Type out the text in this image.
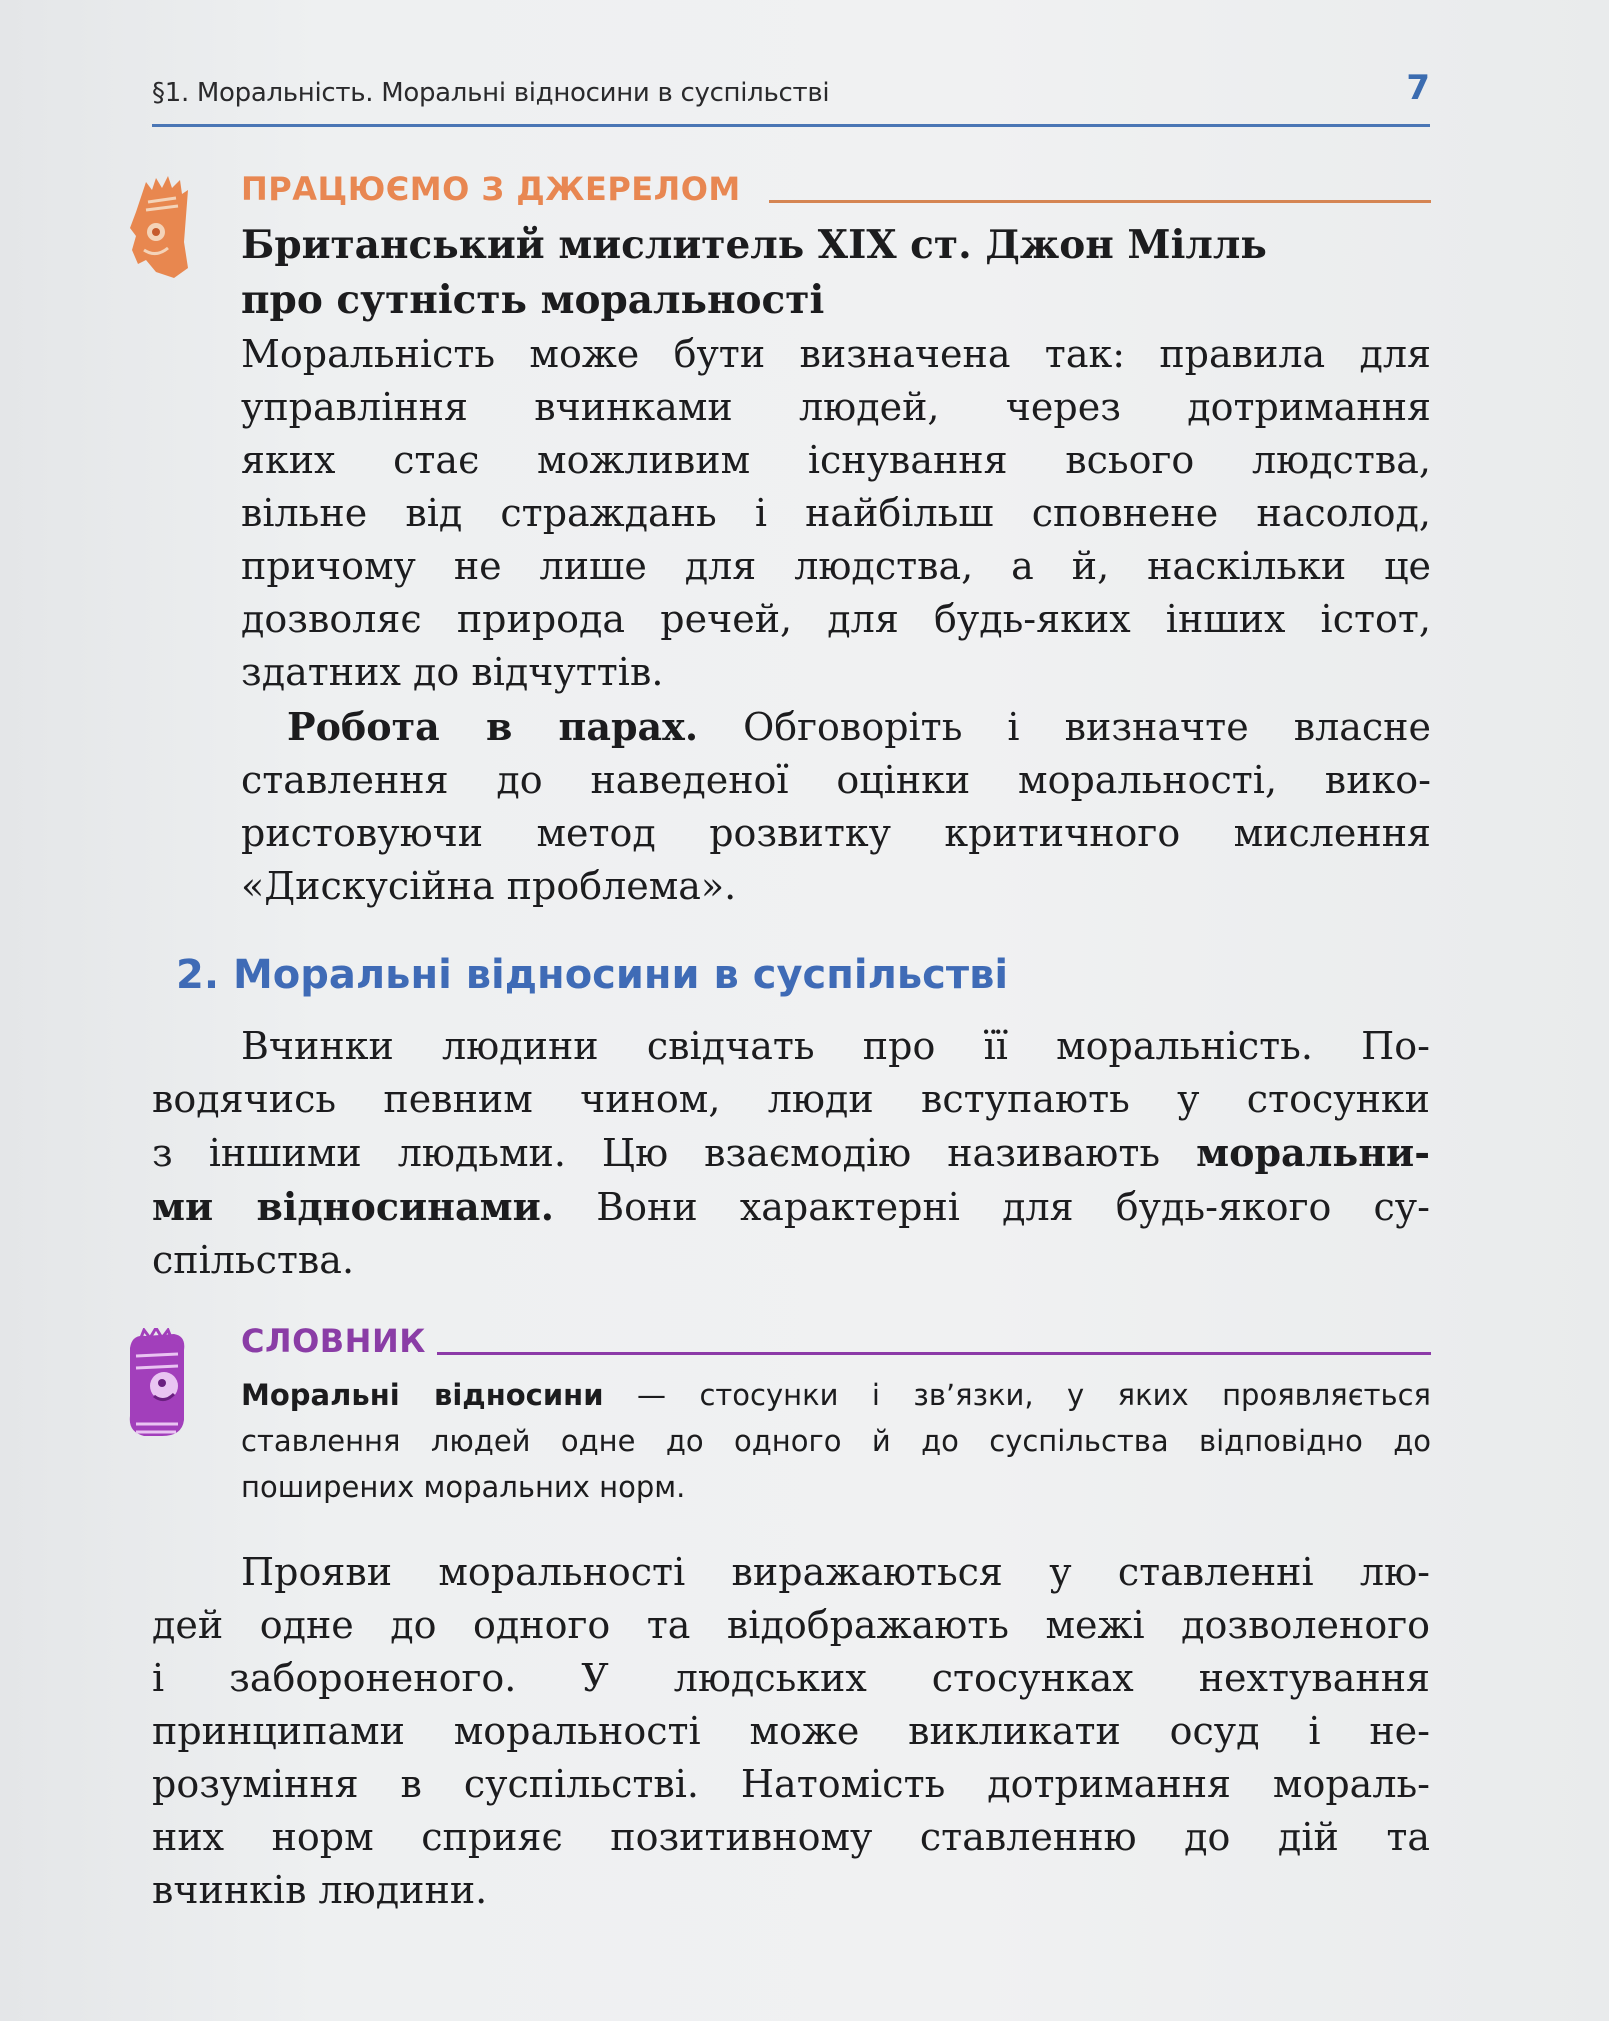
§1. Моральність. Моральні відносини в суспільстві	7
ПРАЦЮЄМО З ДЖЕРЕЛОМ
Британський мислитель XIX ст. Джон Мілль
про сутність моральності
Моральність може бути визначена так: правила для
управління вчинками людей, через дотримання
яких стає можливим існування всього людства,
вільне від страждань і найбільш сповнене насолод,
причому не лише для людства, а й, наскільки це
дозволяє природа речей, для будь-яких інших істот,
здатних до відчуттів.
Робота в парах. Обговоріть і визначте власне
ставлення до наведеної оцінки моральності, вико-
ристовуючи метод розвитку критичного мислення
«Дискусійна проблема».
2. Моральні відносини в суспільстві
Вчинки людини свідчать про її моральність. По-
водячись певним чином, люди вступають у стосунки
з іншими людьми. Цю взаємодію називають моральни-
ми відносинами. Вони характерні для будь-якого су-
спільства.
СЛОВНИК
Моральні відносини — стосунки і зв’язки, у яких проявляється
ставлення людей одне до одного й до суспільства відповідно до
поширених моральних норм.
Прояви моральності виражаються у ставленні лю-
дей одне до одного та відображають межі дозволеного
і забороненого. У людських стосунках нехтування
принципами моральності може викликати осуд і не-
розуміння в суспільстві. Натомість дотримання мораль-
них норм сприяє позитивному ставленню до дій та
вчинків людини.
